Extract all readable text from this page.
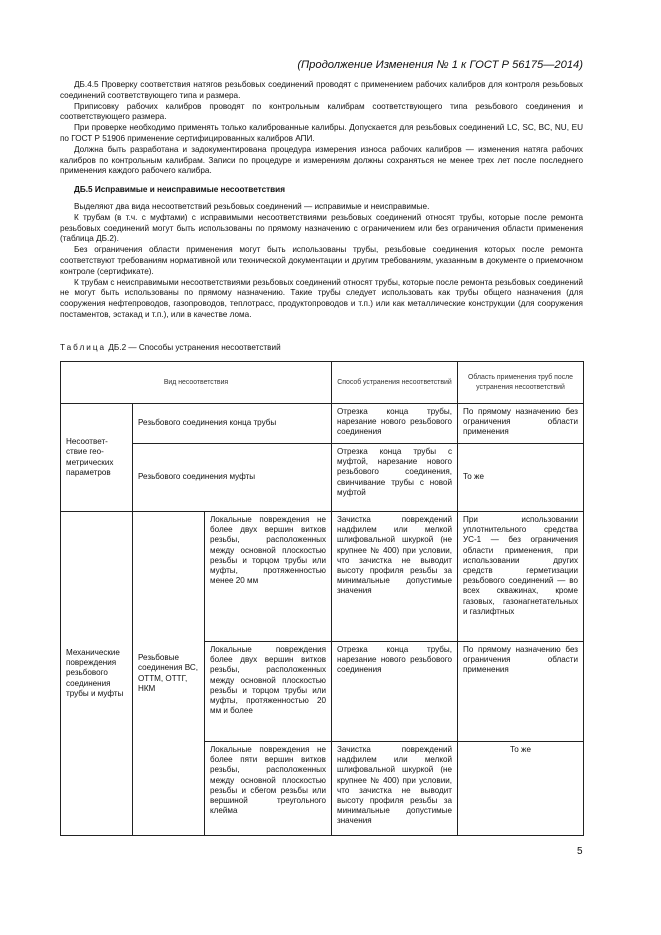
(Продолжение Изменения № 1 к ГОСТ Р 56175—2014)

ДБ.4.5 Проверку соответствия натягов резьбовых соединений проводят с применением рабочих калибров для контроля резьбовых соединений соответствующего типа и размера.

Приписовку рабочих калибров проводят по контрольным калибрам соответствующего типа резьбового соединения и соответствующего размера.

При проверке необходимо применять только калиброванные калибры. Допускается для резьбовых соединений LC, SC, BC, NU, EU по ГОСТ Р 51906 применение сертифицированных калибров АПИ.

Должна быть разработана и задокументирована процедура измерения износа рабочих калибров — изменения натяга рабочих калибров по контрольным калибрам. Записи по процедуре и измерениям должны сохраняться не менее трех лет после последнего применения каждого рабочего калибра.

ДБ.5 Исправимые и неисправимые несоответствия

Выделяют два вида несоответствий резьбовых соединений — исправимые и неисправимые.

К трубам (в т.ч. с муфтами) с исправимыми несоответствиями резьбовых соединений относят трубы, которые после ремонта резьбовых соединений могут быть использованы по прямому назначению с ограничением или без ограничения области применения (таблица ДБ.2).

Без ограничения области применения могут быть использованы трубы, резьбовые соединения которых после ремонта соответствуют требованиям нормативной или технической документации и другим требованиям, указанным в документе о приемочном контроле (сертификате).

К трубам с неисправимыми несоответствиями резьбовых соединений относят трубы, которые после ремонта резьбовых соединений не могут быть использованы по прямому назначению. Такие трубы следует использовать как трубы общего назначения (для сооружения нефтепроводов, газопроводов, теплотрасс, продуктопроводов и т.п.) или как металлические конструкции (для сооружения постаментов, эстакад и т.п.), или в качестве лома.

Таблица ДБ.2 — Способы устранения несоответствий
Вид несоответствия			Способ устранения несоответствий	Область применения труб после устранения несоответствий
Несоответ-ствие гео-метрических параметров	Резьбового соединения конца трубы		Отрезка конца трубы, нарезание нового резьбового соединения	По прямому назначению без ограничения области применения
	Резьбового соединения муфты		Отрезка конца трубы с муфтой, нарезание нового резьбового соединения, свинчивание трубы с новой муфтой	То же
Механические повреждения резьбового соединения трубы и муфты	Резьбовые соединения ВС, ОТТМ, ОТТГ, НКМ	Локальные повреждения не более двух вершин витков резьбы, расположенных между основной плоскостью резьбы и торцом трубы или муфты, протяженностью менее 20 мм	Зачистка повреждений надфилем или мелкой шлифовальной шкуркой (не крупнее № 400) при условии, что зачистка не выводит высоту профиля резьбы за минимальные допустимые значения	При использовании уплотнительного средства УС-1 — без ограничения области применения, при использовании других средств герметизации резьбового соединений — во всех скважинах, кроме газовых, газонагнетательных и газлифтных
		Локальные повреждения более двух вершин витков резьбы, расположенных между основной плоскостью резьбы и торцом трубы или муфты, протяженностью 20 мм и более	Отрезка конца трубы, нарезание нового резьбового соединения	По прямому назначению без ограничения области применения
		Локальные повреждения не более пяти вершин витков резьбы, расположенных между основной плоскостью резьбы и сбегом резьбы или вершиной треугольного клейма	Зачистка повреждений надфилем или мелкой шлифовальной шкуркой (не крупнее № 400) при условии, что зачистка не выводит высоту профиля резьбы за минимальные допустимые значения	То же
5
